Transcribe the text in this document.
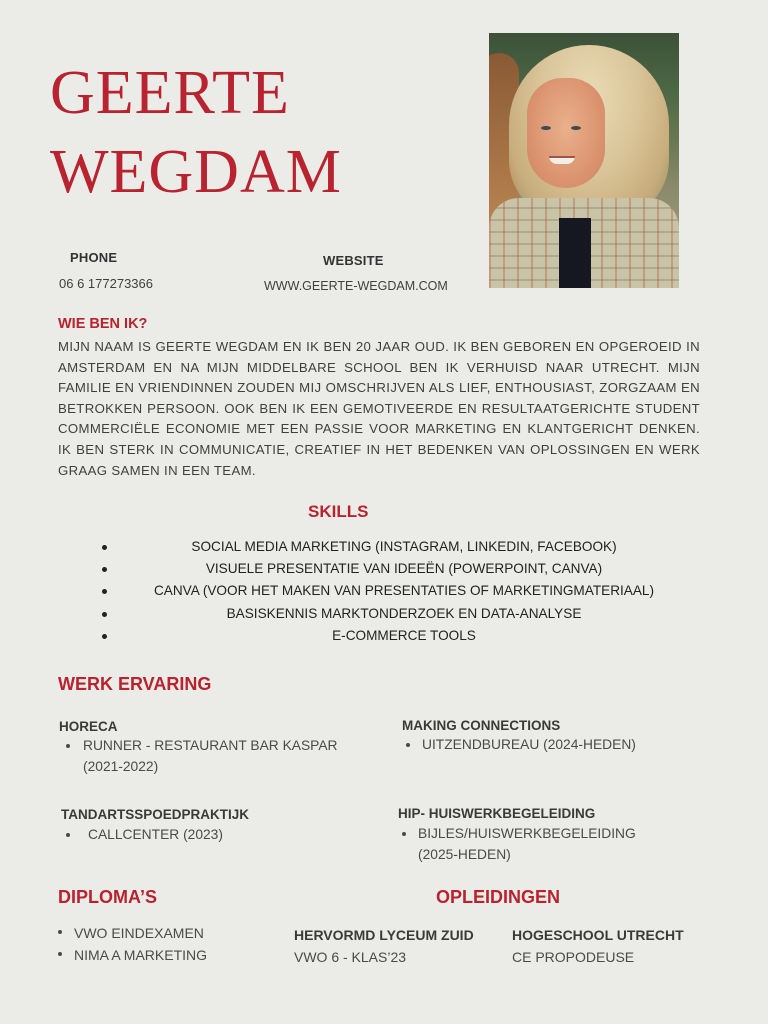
GEERTE
WEGDAM
PHONE
06 6 177273366
WEBSITE
WWW.GEERTE-WEGDAM.COM
WIE BEN IK?
MIJN NAAM IS GEERTE WEGDAM EN IK BEN 20 JAAR OUD. IK BEN GEBOREN EN OPGEROEID IN AMSTERDAM EN NA MIJN MIDDELBARE SCHOOL BEN IK VERHUISD NAAR UTRECHT. MIJN FAMILIE EN VRIENDINNEN ZOUDEN MIJ OMSCHRIJVEN ALS LIEF, ENTHOUSIAST, ZORGZAAM EN BETROKKEN PERSOON. OOK BEN IK EEN GEMOTIVEERDE EN RESULTAATGERICHTE STUDENT COMMERCIËLE ECONOMIE MET EEN PASSIE VOOR MARKETING EN KLANTGERICHT DENKEN. IK BEN STERK IN COMMUNICATIE, CREATIEF IN HET BEDENKEN VAN OPLOSSINGEN EN WERK GRAAG SAMEN IN EEN TEAM.
SKILLS
SOCIAL MEDIA MARKETING (INSTAGRAM, LINKEDIN, FACEBOOK)
VISUELE PRESENTATIE VAN IDEEËN (POWERPOINT, CANVA)
CANVA (VOOR HET MAKEN VAN PRESENTATIES OF MARKETINGMATERIAAL)
BASISKENNIS MARKTONDERZOEK EN DATA-ANALYSE
E-COMMERCE TOOLS
WERK ERVARING
HORECA
RUNNER - RESTAURANT BAR KASPAR (2021-2022)
MAKING CONNECTIONS
UITZENDBUREAU (2024-HEDEN)
TANDARTSSPOEDPRAKTIJK
CALLCENTER (2023)
HIP- HUISWERKBEGELEIDING
BIJLES/HUISWERKBEGELEIDING (2025-HEDEN)
DIPLOMA’S
VWO EINDEXAMEN
NIMA A MARKETING
OPLEIDINGEN
HERVORMD LYCEUM ZUID
VWO 6 - KLAS’23
HOGESCHOOL UTRECHT
CE PROPODEUSE
